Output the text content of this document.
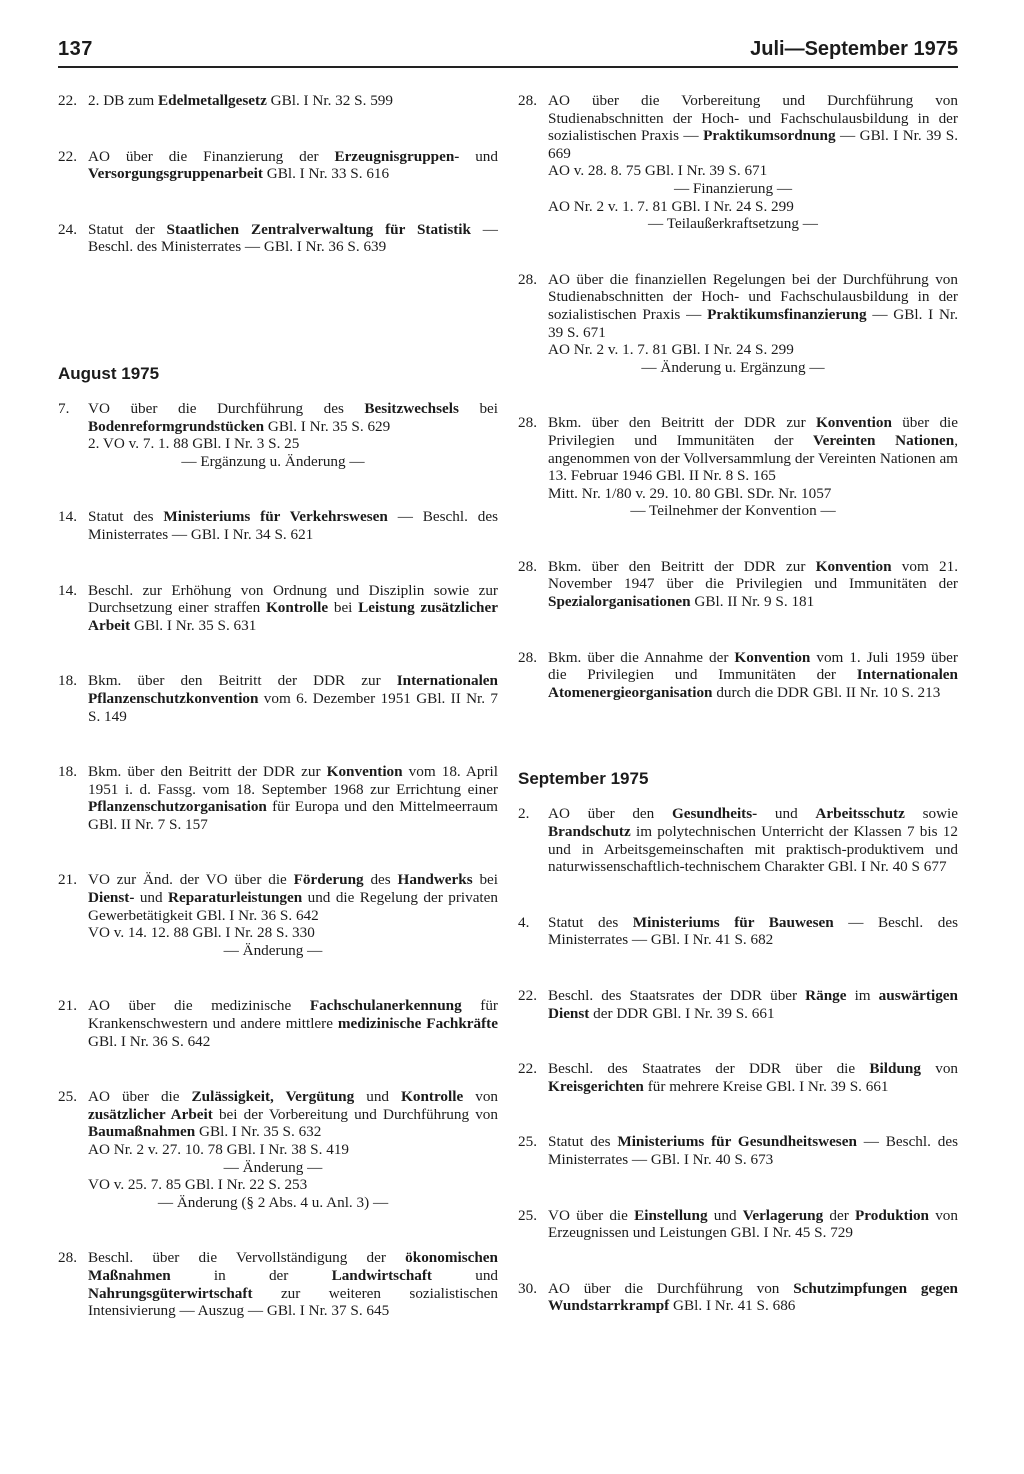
137	Juli—September 1975
22. 2. DB zum Edelmetallgesetz GBl. I Nr. 32 S. 599
22. AO über die Finanzierung der Erzeugnisgruppen- und Versorgungsgruppenarbeit GBl. I Nr. 33 S. 616
24. Statut der Staatlichen Zentralverwaltung für Statistik — Beschl. des Ministerrates — GBl. I Nr. 36 S. 639
August 1975
7.	VO über die Durchführung des Besitzwechsels bei Bodenreformgrundstücken GBl. I Nr. 35 S. 629
2. VO v. 7. 1. 88 GBl. I Nr. 3 S. 25
— Ergänzung u. Änderung —
14. Statut des Ministeriums für Verkehrswesen — Beschl. des Ministerrates — GBl. I Nr. 34 S. 621
14. Beschl. zur Erhöhung von Ordnung und Disziplin sowie zur Durchsetzung einer straffen Kontrolle bei Leistung zusätzlicher Arbeit GBl. I Nr. 35 S. 631
18. Bkm. über den Beitritt der DDR zur Internationalen Pflanzenschutzkonvention vom 6. Dezember 1951 GBl. II Nr. 7 S. 149
18. Bkm. über den Beitritt der DDR zur Konvention vom 18. April 1951 i. d. Fassg. vom 18. September 1968 zur Errichtung einer Pflanzenschutzorganisation für Europa und den Mittelmeerraum GBl. II Nr. 7 S. 157
21. VO zur Änd. der VO über die Förderung des Handwerks bei Dienst- und Reparaturleistungen und die Regelung der privaten Gewerbetätigkeit GBl. I Nr. 36 S. 642
VO v. 14. 12. 88 GBl. I Nr. 28 S. 330
— Änderung —
21. AO über die medizinische Fachschulanerkennung für Krankenschwestern und andere mittlere medizinische Fachkräfte GBl. I Nr. 36 S. 642
25. AO über die Zulässigkeit, Vergütung und Kontrolle von zusätzlicher Arbeit bei der Vorbereitung und Durchführung von Baumaßnahmen GBl. I Nr. 35 S. 632
AO Nr. 2 v. 27. 10. 78 GBl. I Nr. 38 S. 419
— Änderung —
VO v. 25. 7. 85 GBl. I Nr. 22 S. 253
— Änderung (§ 2 Abs. 4 u. Anl. 3) —
28. Beschl. über die Vervollständigung der ökonomischen Maßnahmen in der Landwirtschaft und Nahrungsgüterwirtschaft zur weiteren sozialistischen Intensivierung — Auszug — GBl. I Nr. 37 S. 645
28. AO über die Vorbereitung und Durchführung von Studienabschnitten der Hoch- und Fachschulausbildung in der sozialistischen Praxis — Praktikumsordnung — GBl. I Nr. 39 S. 669
AO v. 28. 8. 75 GBl. I Nr. 39 S. 671
— Finanzierung —
AO Nr. 2 v. 1. 7. 81 GBl. I Nr. 24 S. 299
— Teilaußerkraftsetzung —
28. AO über die finanziellen Regelungen bei der Durchführung von Studienabschnitten der Hoch- und Fachschulausbildung in der sozialistischen Praxis — Praktikumsfinanzierung — GBl. I Nr. 39 S. 671
AO Nr. 2 v. 1. 7. 81 GBl. I Nr. 24 S. 299
— Änderung u. Ergänzung —
28. Bkm. über den Beitritt der DDR zur Konvention über die Privilegien und Immunitäten der Vereinten Nationen, angenommen von der Vollversammlung der Vereinten Nationen am 13. Februar 1946 GBl. II Nr. 8 S. 165
Mitt. Nr. 1/80 v. 29. 10. 80 GBl. SDr. Nr. 1057
— Teilnehmer der Konvention —
28. Bkm. über den Beitritt der DDR zur Konvention vom 21. November 1947 über die Privilegien und Immunitäten der Spezialorganisationen GBl. II Nr. 9 S. 181
28. Bkm. über die Annahme der Konvention vom 1. Juli 1959 über die Privilegien und Immunitäten der Internationalen Atomenergieorganisation durch die DDR GBl. II Nr. 10 S. 213
September 1975
2.	AO über den Gesundheits- und Arbeitsschutz sowie Brandschutz im polytechnischen Unterricht der Klassen 7 bis 12 und in Arbeitsgemeinschaften mit praktisch-produktivem und naturwissenschaftlich-technischem Charakter GBl. I Nr. 40 S 677
4.	Statut des Ministeriums für Bauwesen — Beschl. des Ministerrates — GBl. I Nr. 41 S. 682
22. Beschl. des Staatsrates der DDR über Ränge im auswärtigen Dienst der DDR GBl. I Nr. 39 S. 661
22. Beschl. des Staatrates der DDR über die Bildung von Kreisgerichten für mehrere Kreise GBl. I Nr. 39 S. 661
25. Statut des Ministeriums für Gesundheitswesen — Beschl. des Ministerrates — GBl. I Nr. 40 S. 673
25. VO über die Einstellung und Verlagerung der Produktion von Erzeugnissen und Leistungen GBl. I Nr. 45 S. 729
30. AO über die Durchführung von Schutzimpfungen gegen Wundstarrkrampf GBl. I Nr. 41 S. 686
